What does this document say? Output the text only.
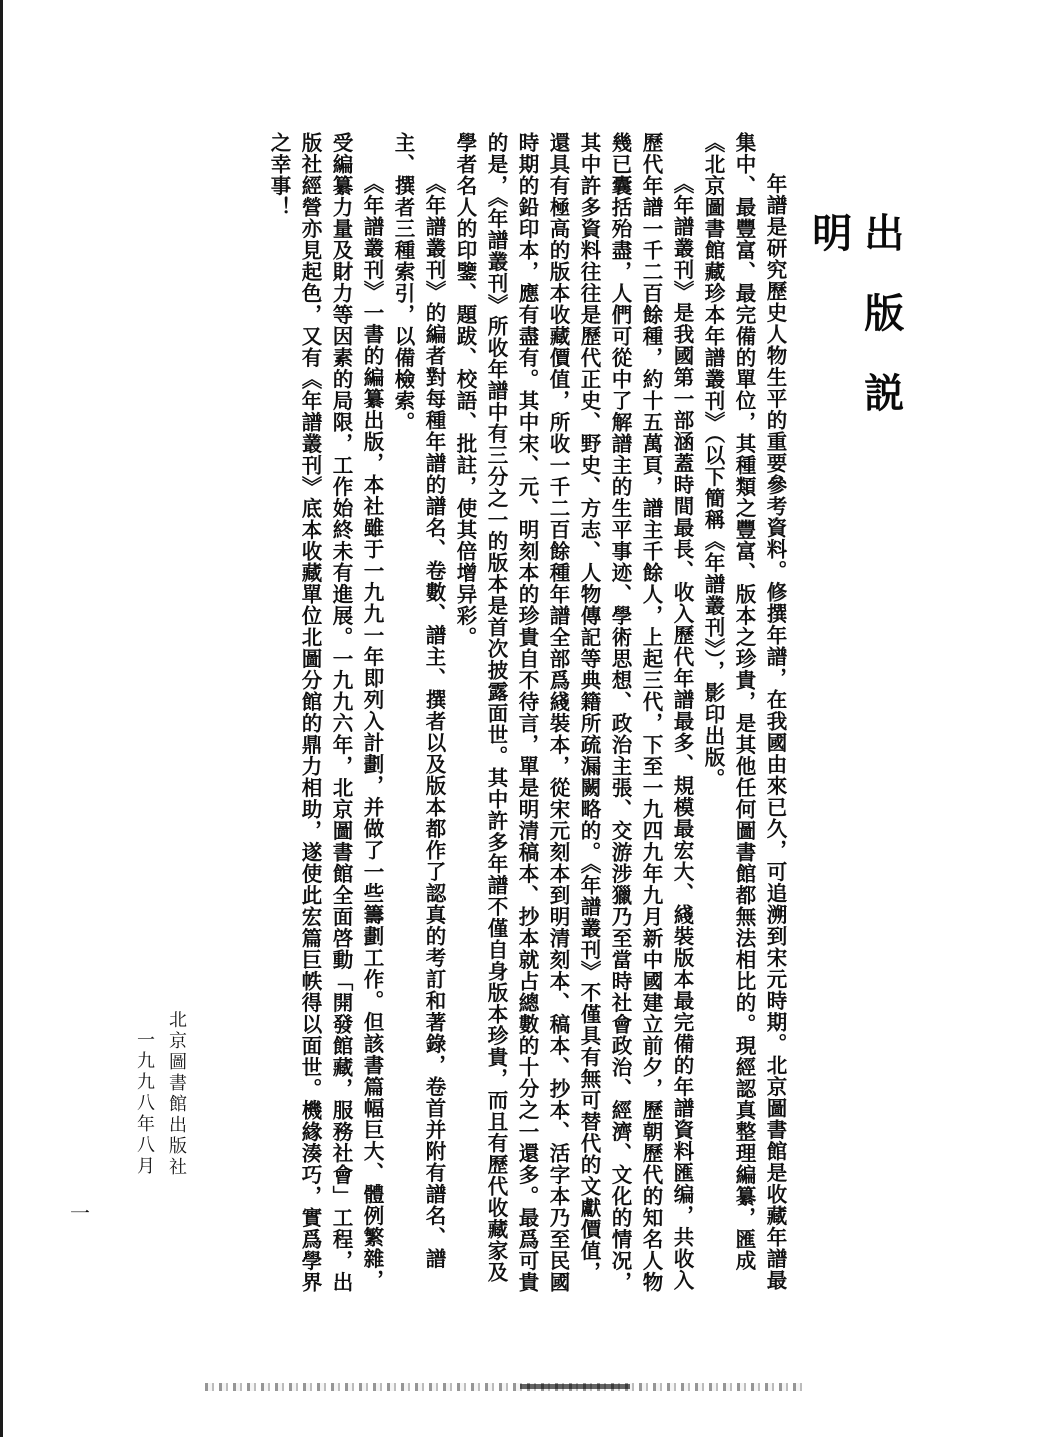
出版説明

年譜是研究歷史人物生平的重要參考資料。修撰年譜，在我國由來已久，可追溯到宋元時期。北京圖書館是收藏年譜最集中、最豐富、最完備的單位，其種類之豐富、版本之珍貴，是其他任何圖書館都無法相比的。現經認真整理編纂，匯成《北京圖書館藏珍本年譜叢刊》（以下簡稱《年譜叢刊》），影印出版。

《年譜叢刊》是我國第一部涵蓋時間最長、收入歷代年譜最多、規模最宏大、綫裝版本最完備的年譜資料匯编，共收入歷代年譜一千二百餘種，約十五萬頁，譜主千餘人，上起三代，下至一九四九年九月新中國建立前夕，歷朝歷代的知名人物幾已囊括殆盡，人們可從中了解譜主的生平事迹、學術思想、政治主張、交游涉獵乃至當時社會政治、經濟、文化的情况，其中許多資料往往是歷代正史、野史、方志、人物傳記等典籍所疏漏闕略的。《年譜叢刊》不僅具有無可替代的文獻價值，還具有極高的版本收藏價值，所收一千二百餘種年譜全部爲綫裝本，從宋元刻本到明清刻本、稿本、抄本、活字本乃至民國時期的鉛印本，應有盡有。其中宋、元、明刻本的珍貴自不待言，單是明清稿本、抄本就占總數的十分之一還多。最爲可貴的是，《年譜叢刊》所收年譜中有三分之一的版本是首次披露面世。其中許多年譜不僅自身版本珍貴，而且有歷代收藏家及學者名人的印鑒、題跋、校語、批註，使其倍增异彩。

《年譜叢刊》的編者對每種年譜的譜名、卷數、譜主、撰者以及版本都作了認真的考訂和著錄，卷首并附有譜名、譜主、撰者三種索引，以備檢索。

《年譜叢刊》一書的編纂出版，本社雖于一九九一年即列入計劃，并做了一些籌劃工作。但該書篇幅巨大、體例繁雜，受編纂力量及財力等因素的局限，工作始終未有進展。一九九六年，北京圖書館全面啓動「開發館藏，服務社會」工程，出版社經營亦見起色，又有《年譜叢刊》底本收藏單位北圖分館的鼎力相助，遂使此宏篇巨帙得以面世。機緣湊巧，實爲學界之幸事！

北京圖書館出版社
一九九八年八月
一
